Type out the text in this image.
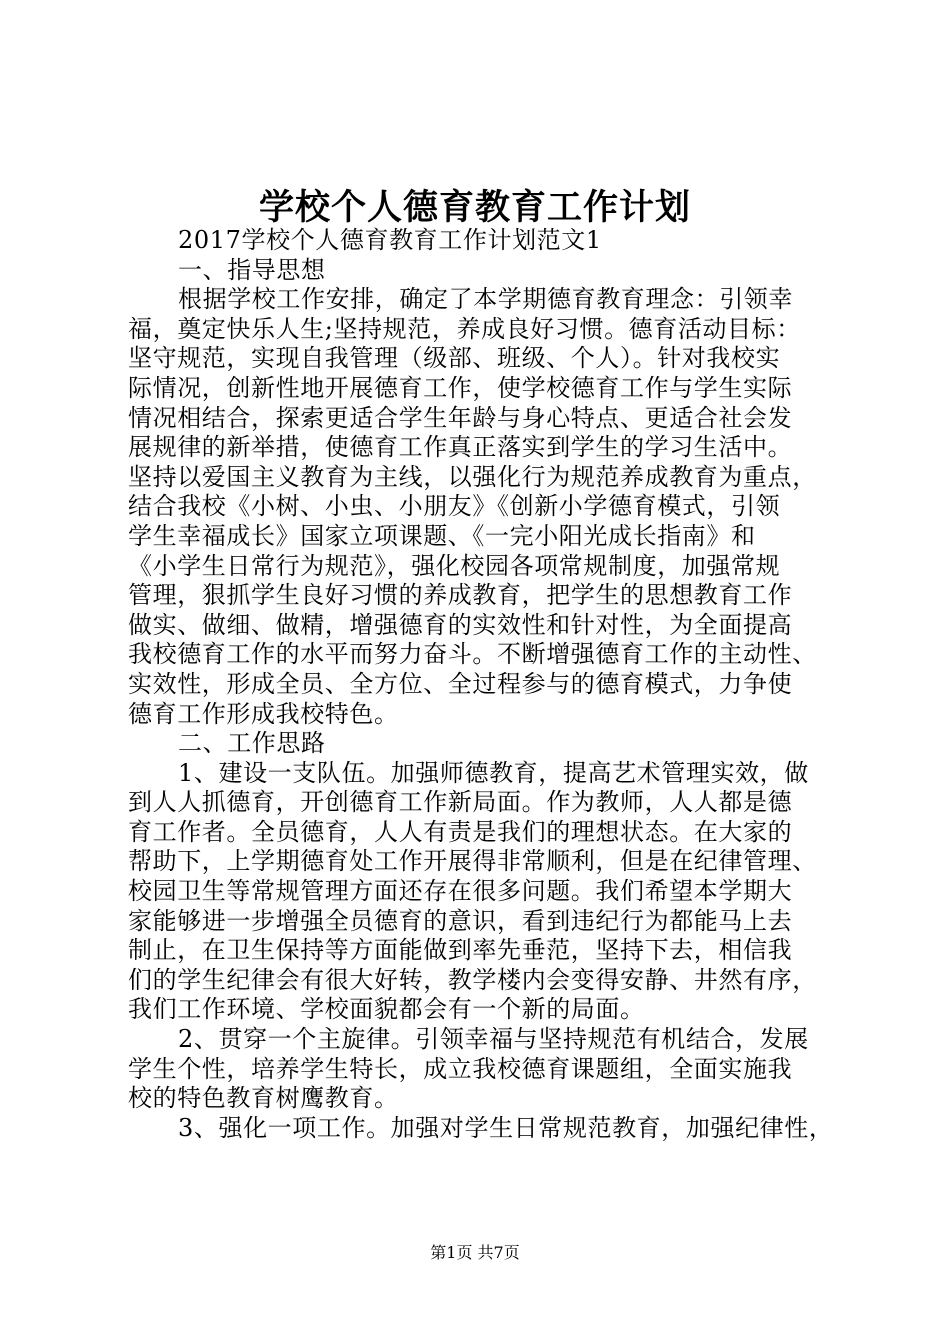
学校个人德育教育工作计划
2017学校个人德育教育工作计划范文1
一、指导思想
根据学校工作安排，确定了本学期德育教育理念：引领幸
福，奠定快乐人生;坚持规范，养成良好习惯。德育活动目标：
坚守规范，实现自我管理（级部、班级、个人）。针对我校实
际情况，创新性地开展德育工作，使学校德育工作与学生实际
情况相结合，探索更适合学生年龄与身心特点、更适合社会发
展规律的新举措，使德育工作真正落实到学生的学习生活中。
坚持以爱国主义教育为主线，以强化行为规范养成教育为重点，
结合我校《小树、小虫、小朋友》《创新小学德育模式，引领
学生幸福成长》国家立项课题、《一完小阳光成长指南》和
《小学生日常行为规范》，强化校园各项常规制度，加强常规
管理，狠抓学生良好习惯的养成教育，把学生的思想教育工作
做实、做细、做精，增强德育的实效性和针对性，为全面提高
我校德育工作的水平而努力奋斗。不断增强德育工作的主动性、
实效性，形成全员、全方位、全过程参与的德育模式，力争使
德育工作形成我校特色。
二、工作思路
1、建设一支队伍。加强师德教育，提高艺术管理实效，做
到人人抓德育，开创德育工作新局面。作为教师，人人都是德
育工作者。全员德育，人人有责是我们的理想状态。在大家的
帮助下，上学期德育处工作开展得非常顺利，但是在纪律管理、
校园卫生等常规管理方面还存在很多问题。我们希望本学期大
家能够进一步增强全员德育的意识，看到违纪行为都能马上去
制止，在卫生保持等方面能做到率先垂范，坚持下去，相信我
们的学生纪律会有很大好转，教学楼内会变得安静、井然有序，
我们工作环境、学校面貌都会有一个新的局面。
2、贯穿一个主旋律。引领幸福与坚持规范有机结合，发展
学生个性，培养学生特长，成立我校德育课题组，全面实施我
校的特色教育树鹰教育。
3、强化一项工作。加强对学生日常规范教育，加强纪律性，
第1页 共7页
